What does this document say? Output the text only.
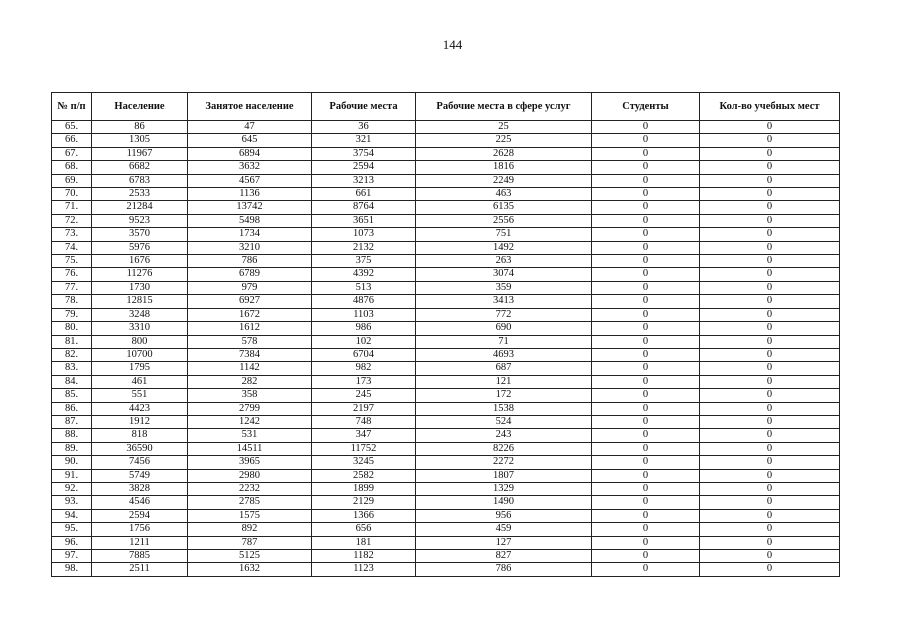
144
№ п/п	Население	Занятое население	Рабочие места	Рабочие места в сфере услуг	Студенты	Кол-во учебных мест
65.	86	47	36	25	0	0
66.	1305	645	321	225	0	0
67.	11967	6894	3754	2628	0	0
68.	6682	3632	2594	1816	0	0
69.	6783	4567	3213	2249	0	0
70.	2533	1136	661	463	0	0
71.	21284	13742	8764	6135	0	0
72.	9523	5498	3651	2556	0	0
73.	3570	1734	1073	751	0	0
74.	5976	3210	2132	1492	0	0
75.	1676	786	375	263	0	0
76.	11276	6789	4392	3074	0	0
77.	1730	979	513	359	0	0
78.	12815	6927	4876	3413	0	0
79.	3248	1672	1103	772	0	0
80.	3310	1612	986	690	0	0
81.	800	578	102	71	0	0
82.	10700	7384	6704	4693	0	0
83.	1795	1142	982	687	0	0
84.	461	282	173	121	0	0
85.	551	358	245	172	0	0
86.	4423	2799	2197	1538	0	0
87.	1912	1242	748	524	0	0
88.	818	531	347	243	0	0
89.	36590	14511	11752	8226	0	0
90.	7456	3965	3245	2272	0	0
91.	5749	2980	2582	1807	0	0
92.	3828	2232	1899	1329	0	0
93.	4546	2785	2129	1490	0	0
94.	2594	1575	1366	956	0	0
95.	1756	892	656	459	0	0
96.	1211	787	181	127	0	0
97.	7885	5125	1182	827	0	0
98.	2511	1632	1123	786	0	0
